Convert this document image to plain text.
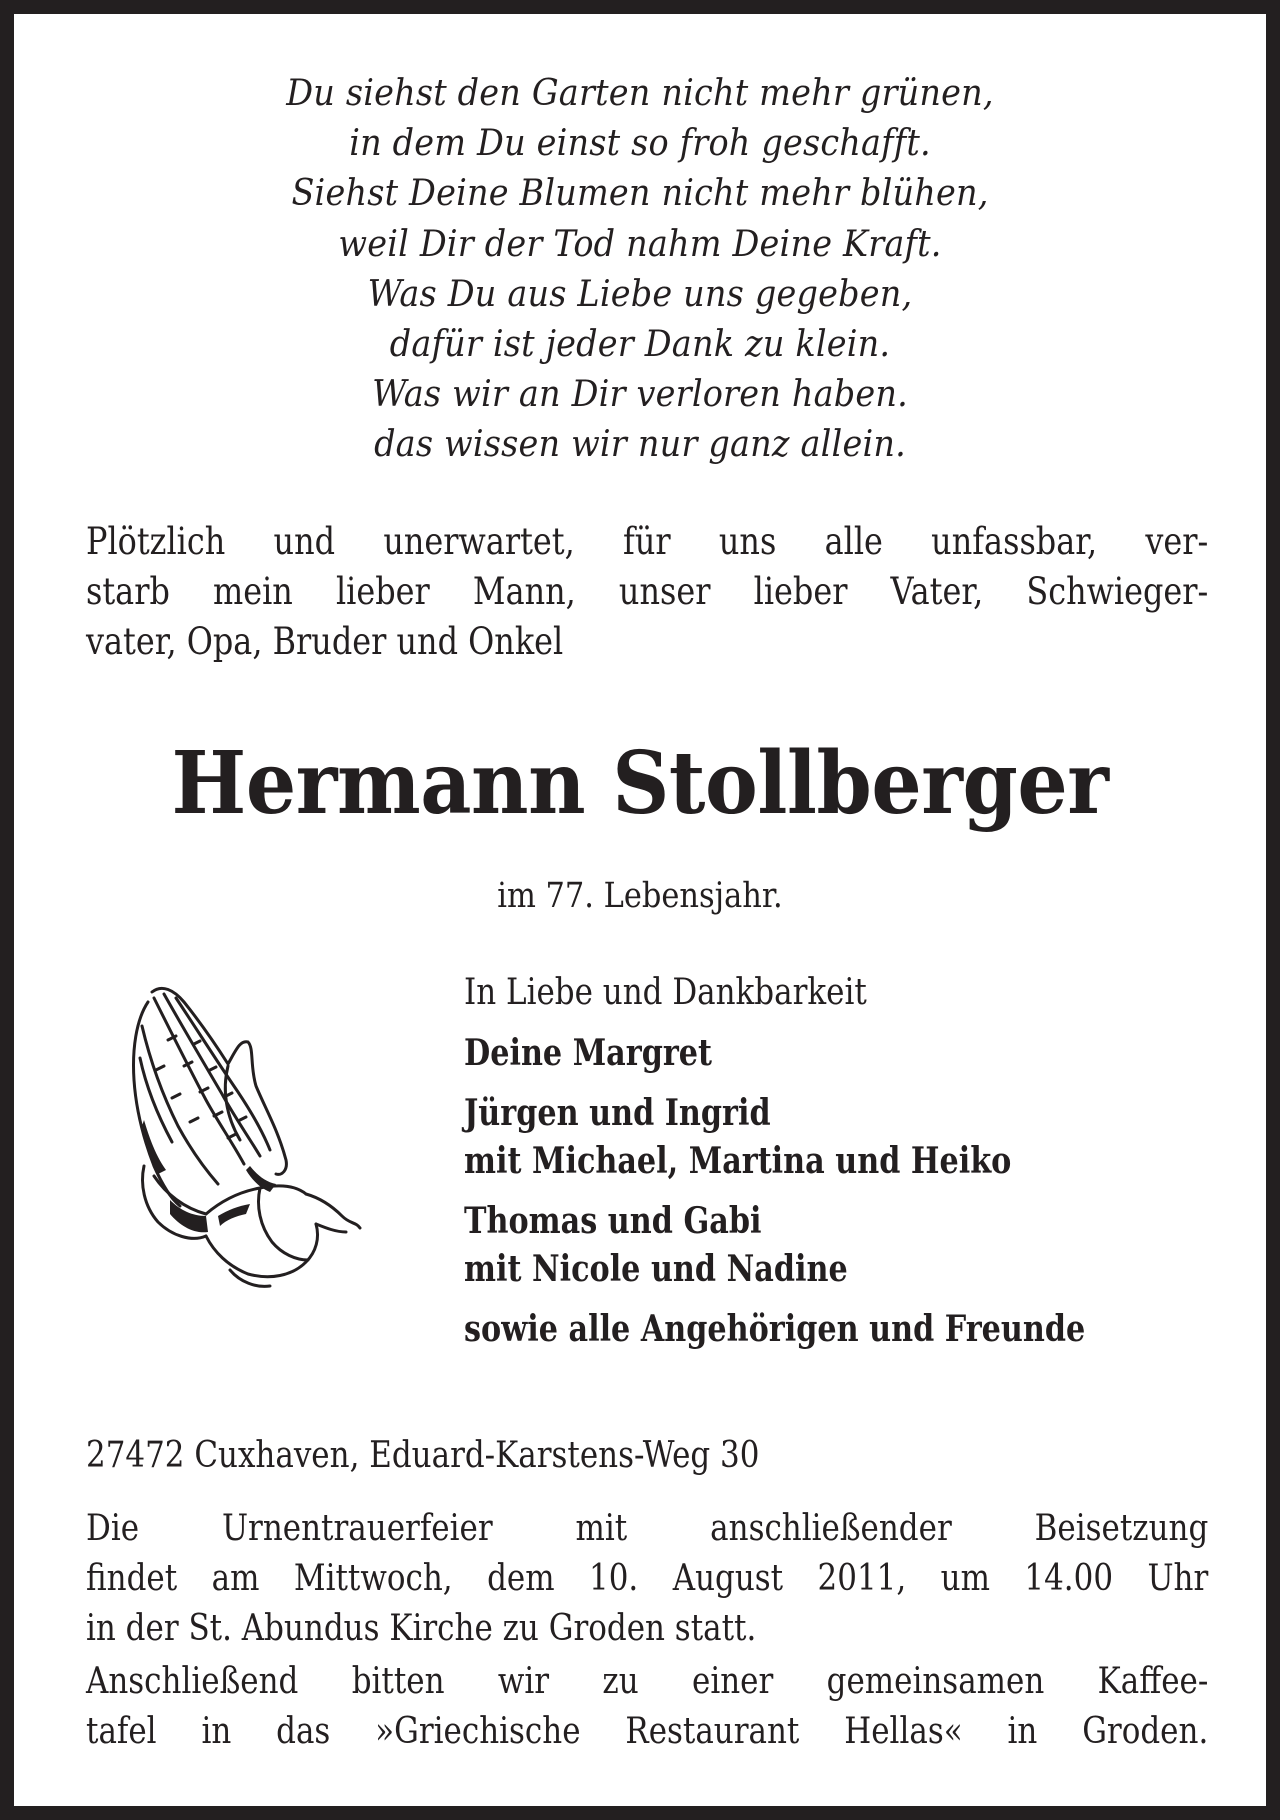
Du siehst den Garten nicht mehr grünen,
in dem Du einst so froh geschafft.
Siehst Deine Blumen nicht mehr blühen,
weil Dir der Tod nahm Deine Kraft.
Was Du aus Liebe uns gegeben,
dafür ist jeder Dank zu klein.
Was wir an Dir verloren haben.
das wissen wir nur ganz allein.
Plötzlich und unerwartet, für uns alle unfassbar, ver-
starb mein lieber Mann, unser lieber Vater, Schwieger-
vater, Opa, Bruder und Onkel
Hermann Stollberger
im 77. Lebensjahr.
In Liebe und Dankbarkeit
Deine Margret
Jürgen und Ingrid
mit Michael, Martina und Heiko
Thomas und Gabi
mit Nicole und Nadine
sowie alle Angehörigen und Freunde
27472 Cuxhaven, Eduard-Karstens-Weg 30
Die Urnentrauerfeier mit anschließender Beisetzung
findet am Mittwoch, dem 10. August 2011, um 14.00 Uhr
in der St. Abundus Kirche zu Groden statt.
Anschließend bitten wir zu einer gemeinsamen Kaffee-
tafel in das »Griechische Restaurant Hellas« in Groden.
